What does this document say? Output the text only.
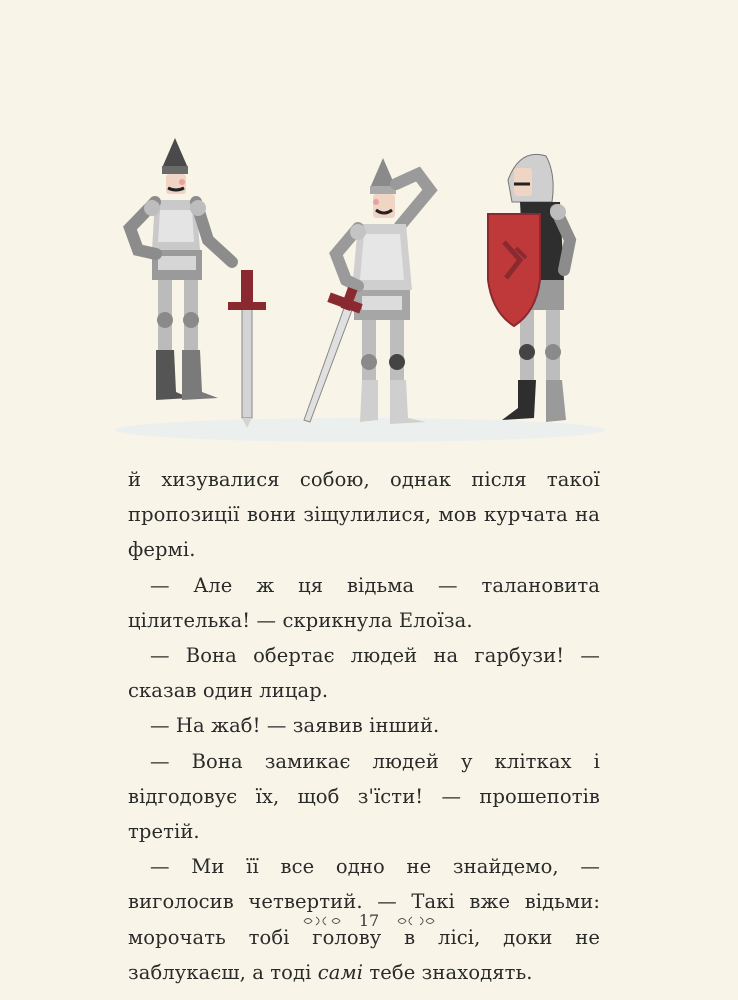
й хизувалися собою, однак після такої пропозиції вони зіщулилися, мов курчата на фермі.

— Але ж ця відьма — талановита цілителька! — скрикнула Елоїза.

— Вона обертає людей на гарбузи! — сказав один лицар.

— На жаб! — заявив інший.

— Вона замикає людей у клітках і відгодовує їх, щоб з'їсти! — прошепотів третій.

— Ми її все одно не знайдемо, — виголосив четвертий. — Такі вже відьми: морочать тобі голову в лісі, доки не заблукаєш, а тоді самі тебе знаходять.

17
